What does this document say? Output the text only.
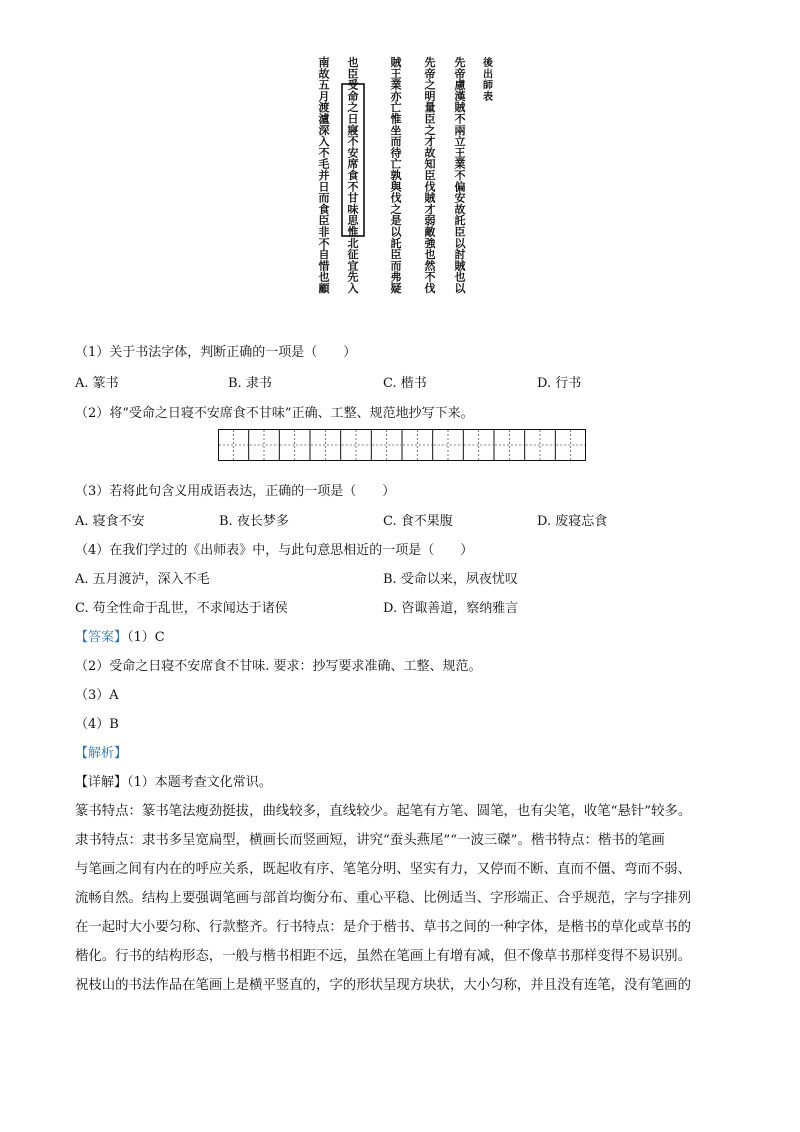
後
出
師
表
先
帝
慮
漢
賊
不
兩
立
王
業
不
偏
安
故
託
臣
以
討
賊
也
以
先
帝
之
明
量
臣
之
才
故
知
臣
伐
賊
才
弱
敵
強
也
然
不
伐
賊
王
業
亦
亡
惟
坐
而
待
亡
孰
與
伐
之
是
以
託
臣
而
弗
疑
也
臣
受
命
之
日
寢
不
安
席
食
不
甘
味
思
惟
北
征
宜
先
入
南
故
五
月
渡
瀘
深
入
不
毛
并
日
而
食
臣
非
不
自
惜
也
顧
（1）关于书法字体，判断正确的一项是（　　）
A. 篆书	B. 隶书	C. 楷书	D. 行书
（2）将“受命之日寝不安席食不甘味”正确、工整、规范地抄写下来。
（3）若将此句含义用成语表达，正确的一项是（　　）
A. 寝食不安	B. 夜长梦多	C. 食不果腹	D. 废寝忘食
（4）在我们学过的《出师表》中，与此句意思相近的一项是（　　）
A. 五月渡泸，深入不毛	B. 受命以来，夙夜忧叹
C. 苟全性命于乱世，不求闻达于诸侯	D. 咨诹善道，察纳雅言
【答案】（1）C
（2）受命之日寝不安席食不甘味. 要求：抄写要求准确、工整、规范。
（3）A
（4）B
【解析】
【详解】（1）本题考查文化常识。
篆书特点：篆书笔法瘦劲挺拔，曲线较多，直线较少。起笔有方笔、圆笔，也有尖笔，收笔“悬针”较多。
隶书特点：隶书多呈宽扁型，横画长而竖画短，讲究“蚕头燕尾”“一波三磔”。楷书特点：楷书的笔画
与笔画之间有内在的呼应关系，既起收有序、笔笔分明、坚实有力，又停而不断、直而不僵、弯而不弱、
流畅自然。结构上要强调笔画与部首均衡分布、重心平稳、比例适当、字形端正、合乎规范，字与字排列
在一起时大小要匀称、行款整齐。行书特点：是介于楷书、草书之间的一种字体，是楷书的草化或草书的
楷化。行书的结构形态，一般与楷书相距不远，虽然在笔画上有增有减，但不像草书那样变得不易识别。
祝枝山的书法作品在笔画上是横平竖直的，字的形状呈现方块状，大小匀称，并且没有连笔，没有笔画的
